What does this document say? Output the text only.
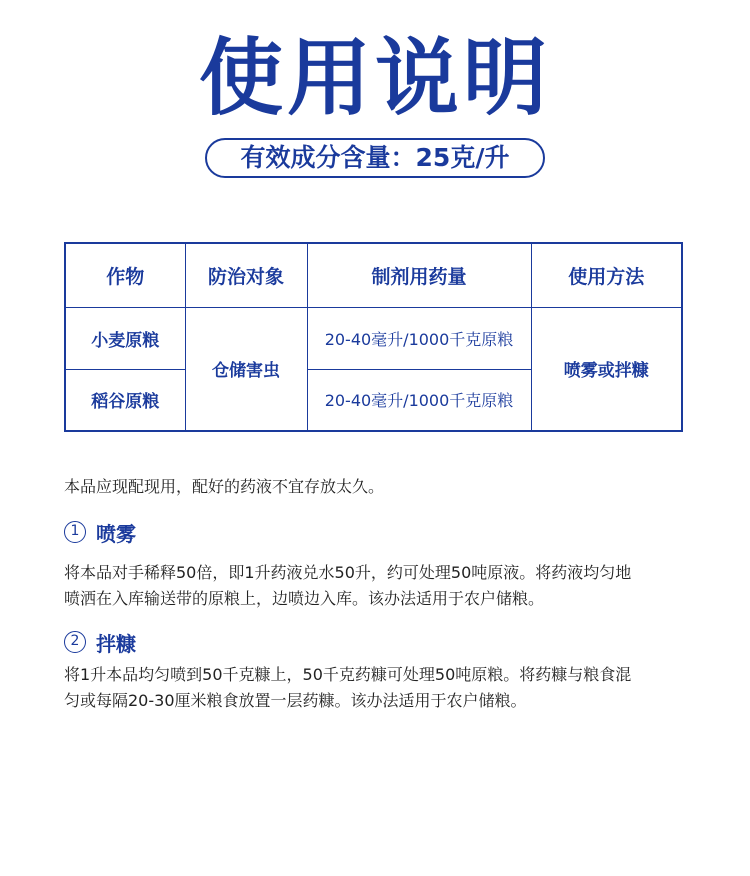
使用说明
有效成分含量：25克/升
作物	防治对象	制剂用药量	使用方法
小麦原粮	仓储害虫	20-40毫升/1000千克原粮	喷雾或拌糠
稻谷原粮		20-40毫升/1000千克原粮	
本品应现配现用，配好的药液不宜存放太久。
1 喷雾
将本品对手稀释50倍，即1升药液兑水50升，约可处理50吨原液。将药液均匀地
喷洒在入库输送带的原粮上，边喷边入库。该办法适用于农户储粮。
2 拌糠
将1升本品均匀喷到50千克糠上，50千克药糠可处理50吨原粮。将药糠与粮食混
匀或每隔20-30厘米粮食放置一层药糠。该办法适用于农户储粮。
